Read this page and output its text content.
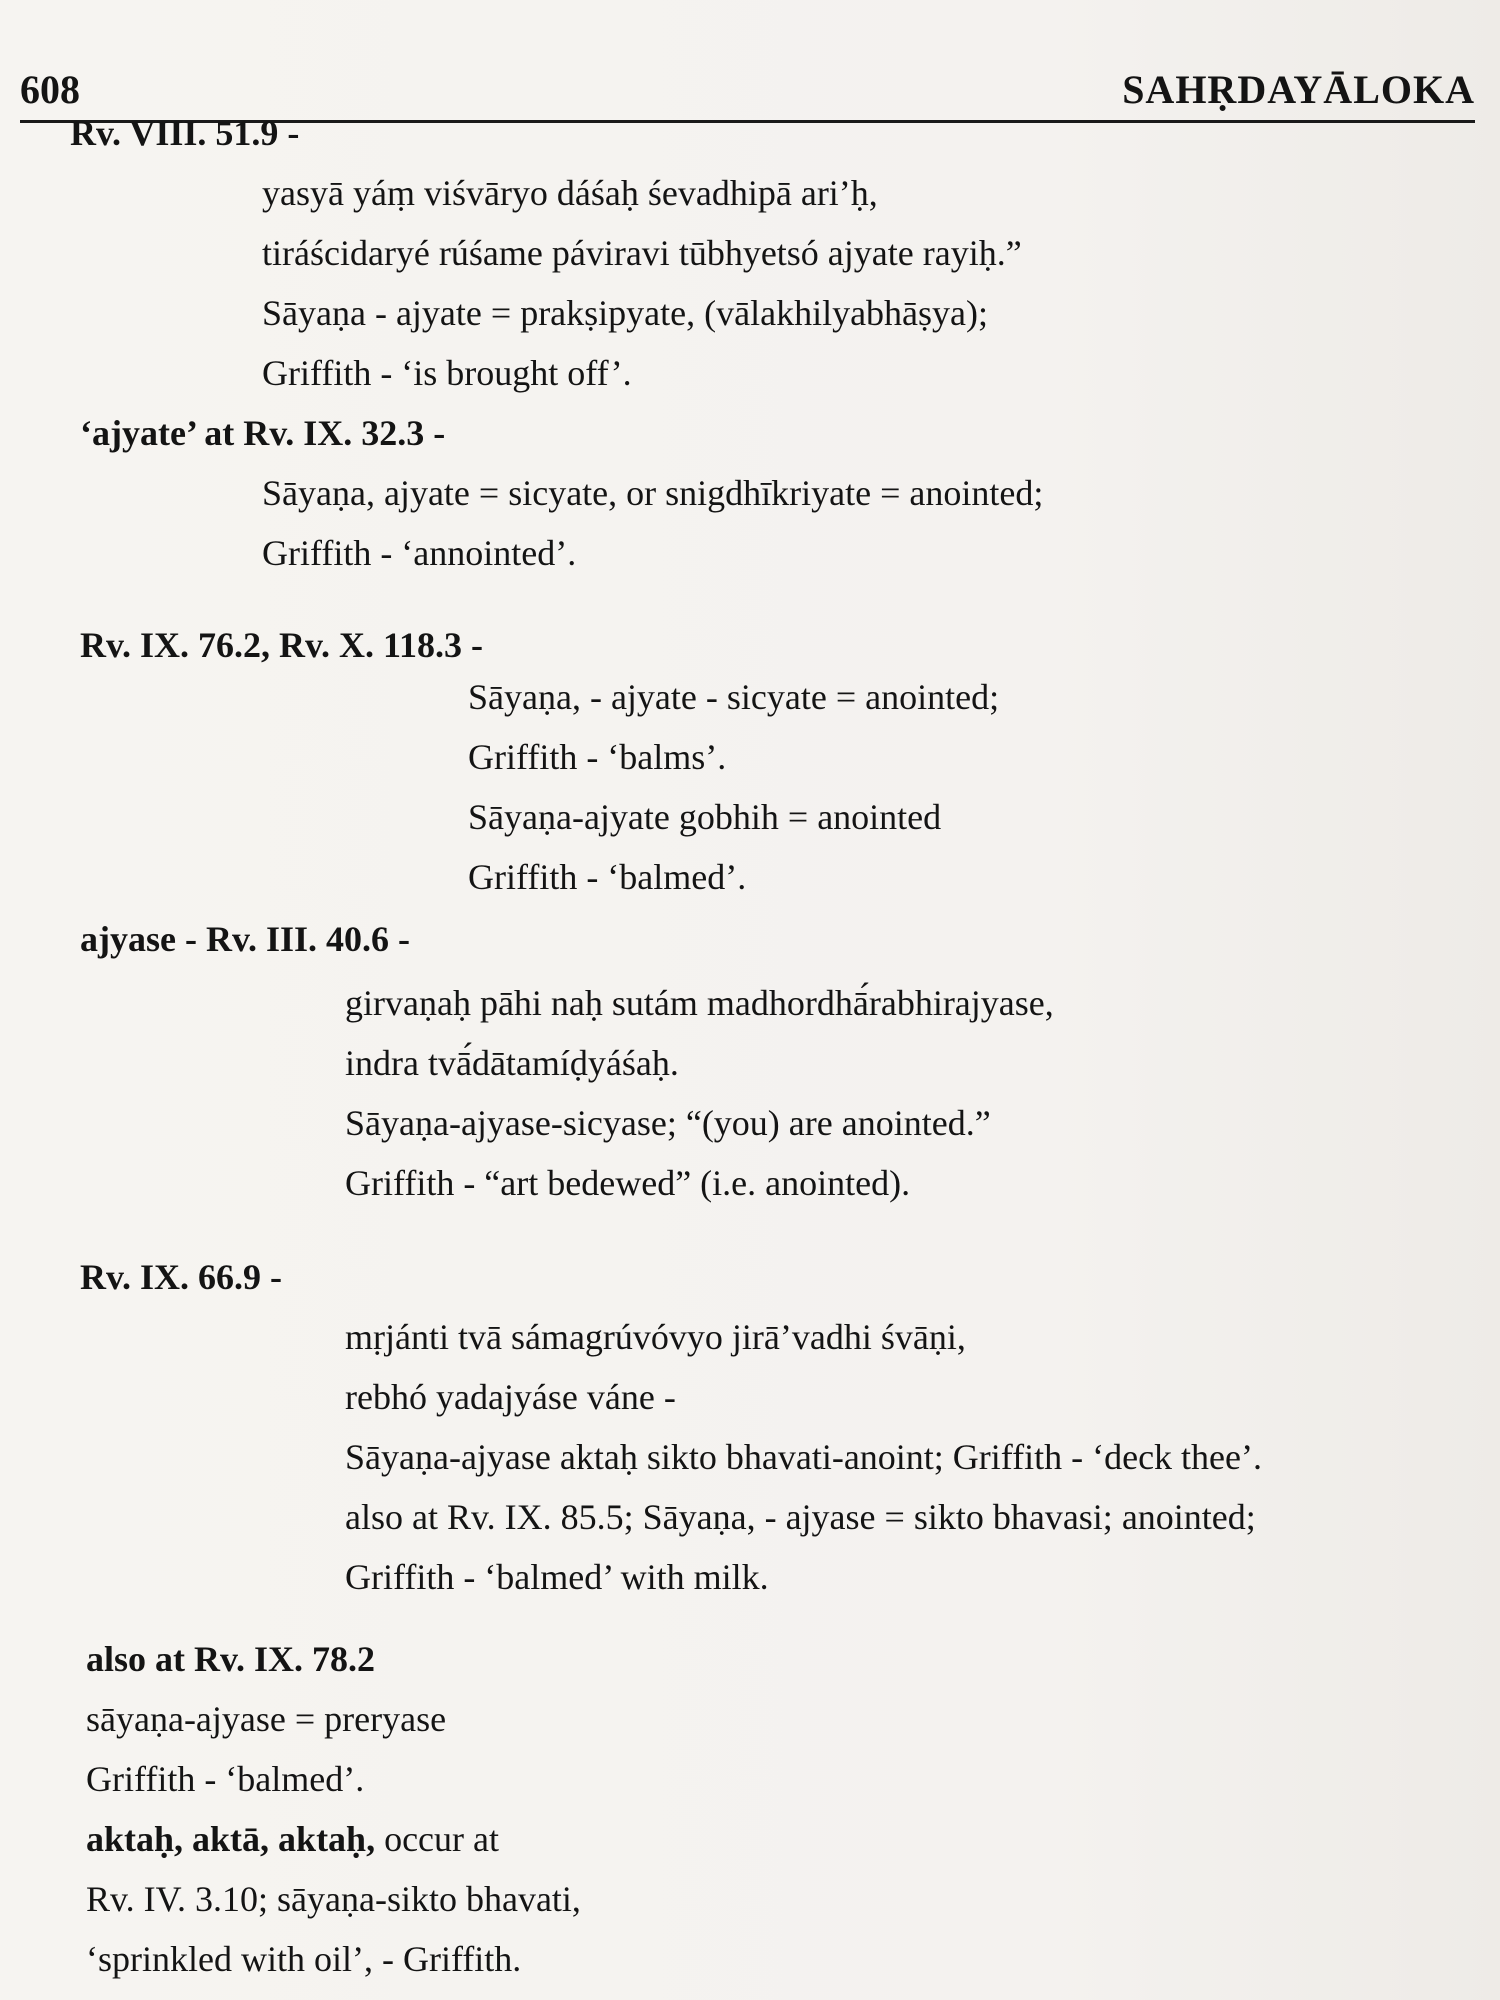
608	SAHṚDAYĀLOKA
Rv. VIII. 51.9 -
yasyā yáṃ viśvāryo dáśaḥ śevadhipā ari’ḥ,
tiráścidaryé rúśame páviravi tūbhyetsó ajyate rayiḥ.”
Sāyaṇa - ajyate = prakṣipyate, (vālakhilyabhāṣya);
Griffith - ‘is brought off’.
‘ajyate’ at Rv. IX. 32.3 -
Sāyaṇa, ajyate = sicyate, or snigdhīkriyate = anointed;
Griffith - ‘annointed’.
Rv. IX. 76.2, Rv. X. 118.3 -
Sāyaṇa, - ajyate - sicyate = anointed;
Griffith - ‘balms’.
Sāyaṇa-ajyate gobhih = anointed
Griffith - ‘balmed’.
ajyase - Rv. III. 40.6 -
girvaṇaḥ pāhi naḥ sutám madhordhā́rabhirajyase,
indra tvā́dātamíḍyáśaḥ.
Sāyaṇa-ajyase-sicyase; “(you) are anointed.”
Griffith - “art bedewed” (i.e. anointed).
Rv. IX. 66.9 -
mṛjánti tvā sámagrúvóvyo jirā’vadhi śvāṇi,
rebhó yadajyáse váne -
Sāyaṇa-ajyase aktaḥ sikto bhavati-anoint; Griffith - ‘deck thee’.
also at Rv. IX. 85.5; Sāyaṇa, - ajyase = sikto bhavasi; anointed;
Griffith - ‘balmed’ with milk.
also at Rv. IX. 78.2
sāyaṇa-ajyase = preryase
Griffith - ‘balmed’.
aktaḥ, aktā, aktaḥ, occur at
Rv. IV. 3.10; sāyaṇa-sikto bhavati,
‘sprinkled with oil’, - Griffith.
